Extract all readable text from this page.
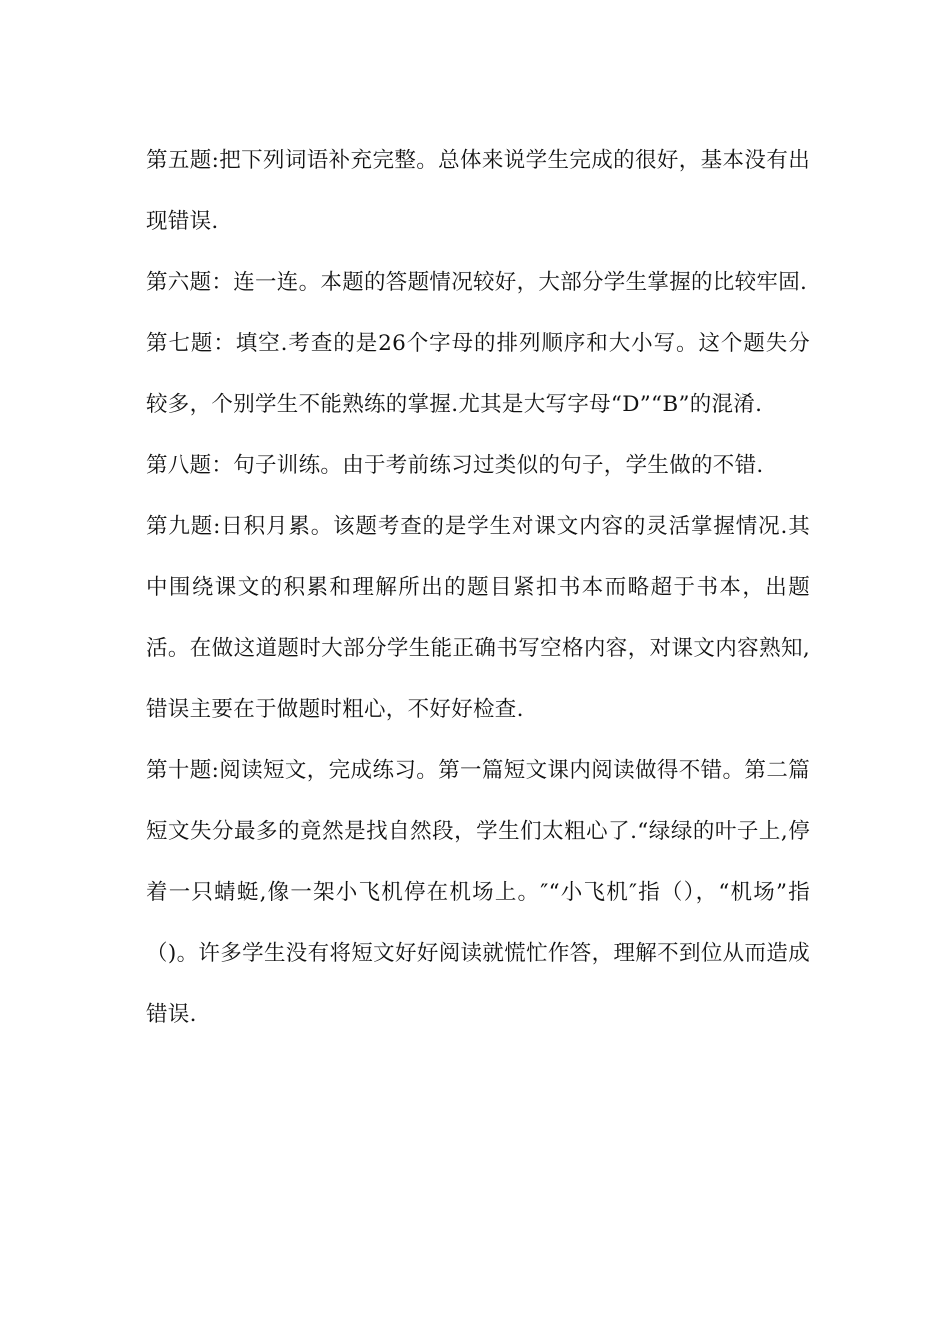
第五题:把下列词语补充完整。总体来说学生完成的很好，基本没有出现错误.

第六题：连一连。本题的答题情况较好，大部分学生掌握的比较牢固.

第七题：填空.考查的是26个字母的排列顺序和大小写。这个题失分较多，个别学生不能熟练的掌握.尤其是大写字母“D”“B”的混淆.

第八题：句子训练。由于考前练习过类似的句子，学生做的不错.

第九题:日积月累。该题考查的是学生对课文内容的灵活掌握情况.其中围绕课文的积累和理解所出的题目紧扣书本而略超于书本，出题活。在做这道题时大部分学生能正确书写空格内容，对课文内容熟知,错误主要在于做题时粗心，不好好检查.

第十题:阅读短文，完成练习。第一篇短文课内阅读做得不错。第二篇短文失分最多的竟然是找自然段，学生们太粗心了.“绿绿的叶子上,停着一只蜻蜓,像一架小飞机停在机场上。″“小飞机″指（），“机场”指（)。许多学生没有将短文好好阅读就慌忙作答，理解不到位从而造成错误.
